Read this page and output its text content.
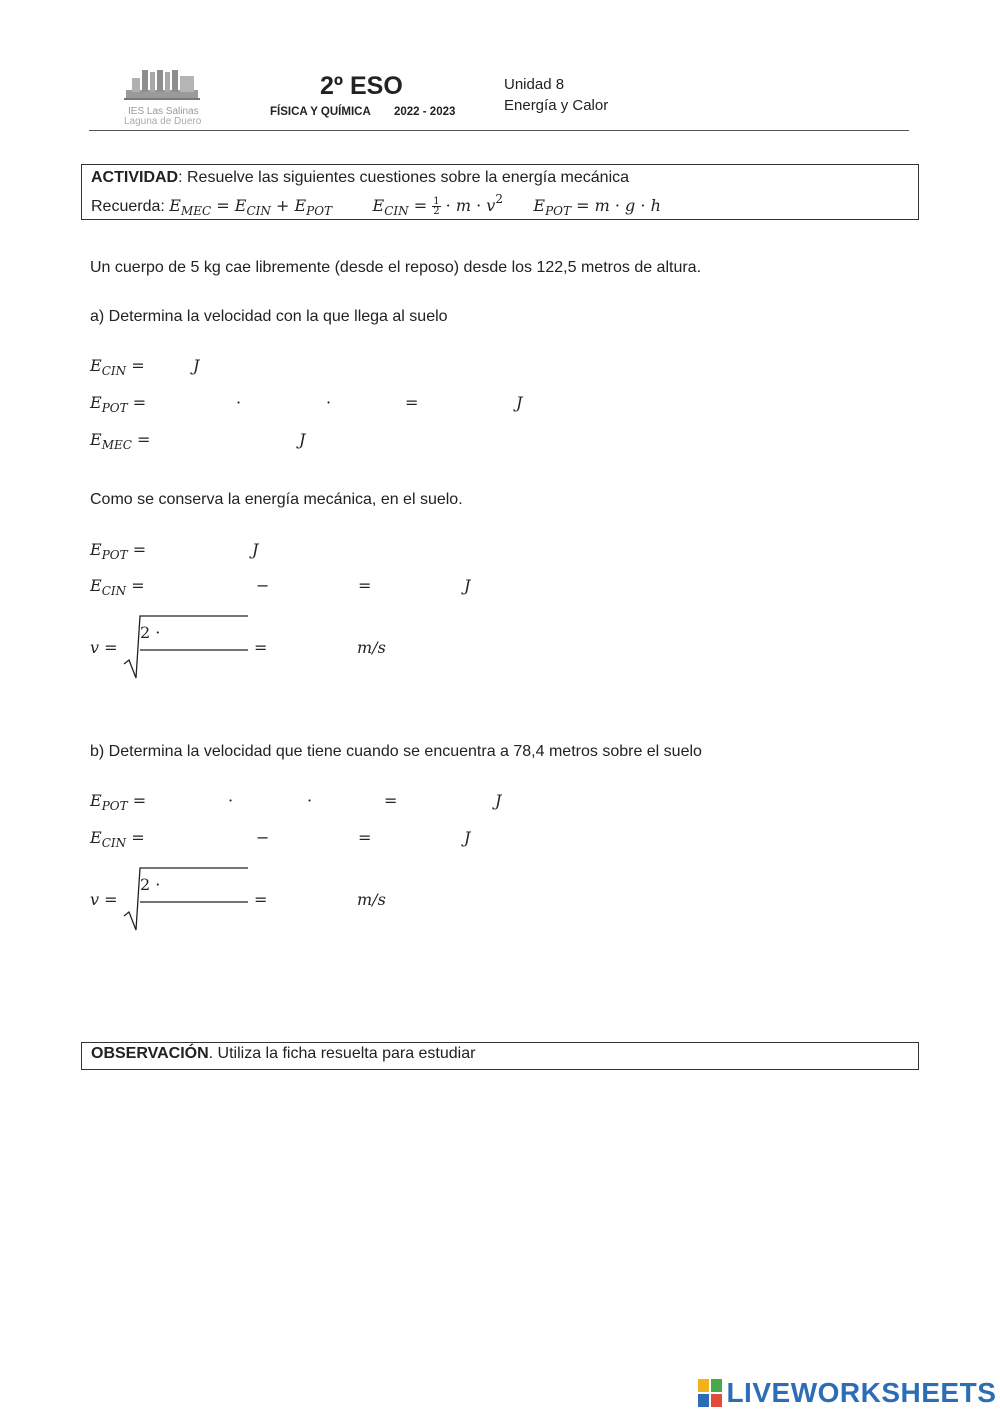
IES Las Salinas
Laguna de Duero
2º ESO
FÍSICA Y QUÍMICA 2022 - 2023
Unidad 8
Energía y Calor
ACTIVIDAD: Resuelve las siguientes cuestiones sobre la energía mecánica
Recuerda: $E_{MEC} = E_{CIN} + E_{POT}$	$E_{CIN} = 1$
$2 \cdot m \cdot v^2$ $E_{POT} = m \cdot g \cdot h$
Un cuerpo de 5 kg cae libremente (desde el reposo) desde los 122,5 metros de altura.
a) Determina la velocidad con la que llega al suelo
$E_{CIN}$ =	J
$E_{POT}$ =	·	·	=	J
$E_{MEC}$ =	J
Como se conserva la energía mecánica, en el suelo.
$E_{POT}$ =	J
$E_{CIN}$ =	−	=	J
v =
2 ·
=	m/s
b) Determina la velocidad que tiene cuando se encuentra a 78,4 metros sobre el suelo
$E_{POT}$ =	·	·	=	J
$E_{CIN}$ =	−	=	J
v =
2 ·
=	m/s
OBSERVACIÓN. Utiliza la ficha resuelta para estudiar
LIVEWORKSHEETS
